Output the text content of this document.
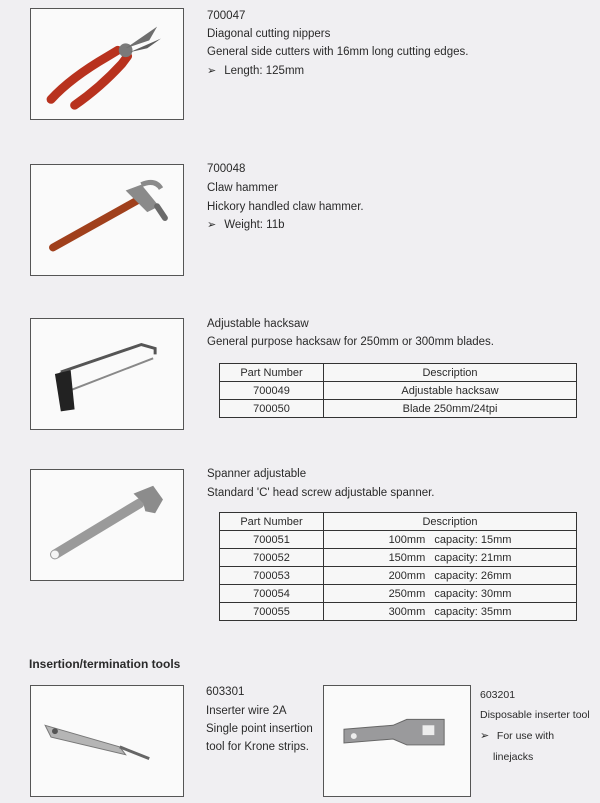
700047
Diagonal cutting nippers
General side cutters with 16mm long cutting edges.
➢ Length: 125mm
700048
Claw hammer
Hickory handled claw hammer.
➢ Weight: 11b
Adjustable hacksaw
General purpose hacksaw for 250mm or 300mm blades.
Part Number	Description
700049	Adjustable hacksaw
700050	Blade 250mm/24tpi
Spanner adjustable
Standard 'C' head screw adjustable spanner.
Part Number	Description
700051	100mm   capacity: 15mm
700052	150mm   capacity: 21mm
700053	200mm   capacity: 26mm
700054	250mm   capacity: 30mm
700055	300mm   capacity: 35mm
Insertion/termination tools
603301
Inserter wire 2A
Single point insertion
tool for Krone strips.
603201
Disposable inserter tool
➢ For use with
linejacks
